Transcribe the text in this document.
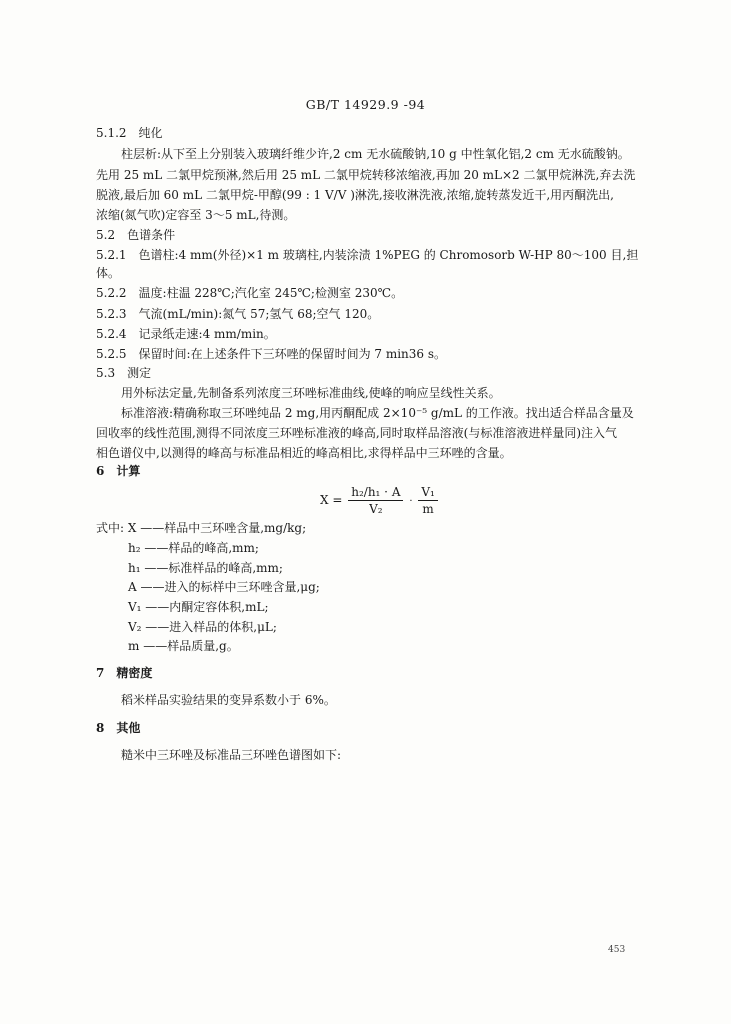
GB/T 14929.9 -94
5.1.2　纯化
柱层析:从下至上分别装入玻璃纤维少许,2 cm 无水硫酸钠,10 g 中性氧化铝,2 cm 无水硫酸钠。
先用 25 mL 二氯甲烷预淋,然后用 25 mL 二氯甲烷转移浓缩液,再加 20 mL×2 二氯甲烷淋洗,弃去洗
脱液,最后加 60 mL 二氯甲烷-甲醇(99 : 1 V/V )淋洗,接收淋洗液,浓缩,旋转蒸发近干,用丙酮洗出,
浓缩(氮气吹)定容至 3～5 mL,待测。
5.2　色谱条件
5.2.1　色谱柱:4 mm(外径)×1 m 玻璃柱,内装涂渍 1%PEG 的 Chromosorb W-HP 80～100 目,担
体。
5.2.2　温度:柱温 228℃;汽化室 245℃;检测室 230℃。
5.2.3　气流(mL/min):氮气 57;氢气 68;空气 120。
5.2.4　记录纸走速:4 mm/min。
5.2.5　保留时间:在上述条件下三环唑的保留时间为 7 min36 s。
5.3　测定
用外标法定量,先制备系列浓度三环唑标准曲线,使峰的响应呈线性关系。
标准溶液:精确称取三环唑纯品 2 mg,用丙酮配成 2×10⁻⁵ g/mL 的工作液。找出适合样品含量及
回收率的线性范围,测得不同浓度三环唑标准液的峰高,同时取样品溶液(与标准溶液进样量同)注入气
相色谱仪中,以测得的峰高与标准品相近的峰高相比,求得样品中三环唑的含量。
6　计算
$X = \frac{\text{h₂/h₁ · A}}{\text{V₂}} \cdot \frac{\text{V₁}}{m}$
式中: X ——样品中三环唑含量,mg/kg;
h₂ ——样品的峰高,mm;
h₁ ——标准样品的峰高,mm;
A ——进入的标样中三环唑含量,μg;
V₁ ——内酮定容体积,mL;
V₂ ——进入样品的体积,μL;
m ——样品质量,g。
7　精密度
稻米样品实验结果的变异系数小于 6%。
8　其他
糙米中三环唑及标准品三环唑色谱图如下:
453
